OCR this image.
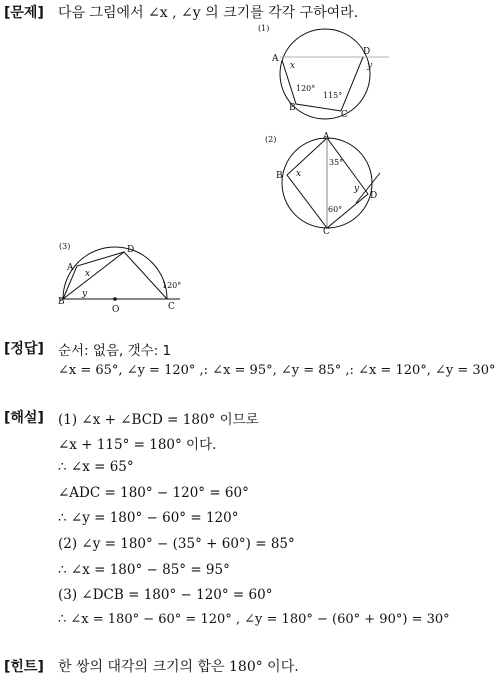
[문제] 다음 그림에서 ∠x , ∠y 의 크기를 각각 구하여라.
(1)
A
D
B
C
x	y
120°
115°
(2)	A
B
C
D
x
y
35°
60°
(3)
A
B
D
C
O
x
y
120°
[정답] 순서: 없음, 갯수: 1
∠x = 65°, ∠y = 120° ,: ∠x = 95°, ∠y = 85° ,: ∠x = 120°, ∠y = 30°
[해설] (1) ∠x + ∠BCD = 180° 이므로
∠x + 115° = 180° 이다.
∴ ∠x = 65°
∠ADC = 180° − 120° = 60°
∴ ∠y = 180° − 60° = 120°
(2) ∠y = 180° − (35° + 60°) = 85°
∴ ∠x = 180° − 85° = 95°
(3) ∠DCB = 180° − 120° = 60°
∴ ∠x = 180° − 60° = 120° , ∠y = 180° − (60° + 90°) = 30°
[힌트] 한 쌍의 대각의 크기의 합은 180° 이다.
